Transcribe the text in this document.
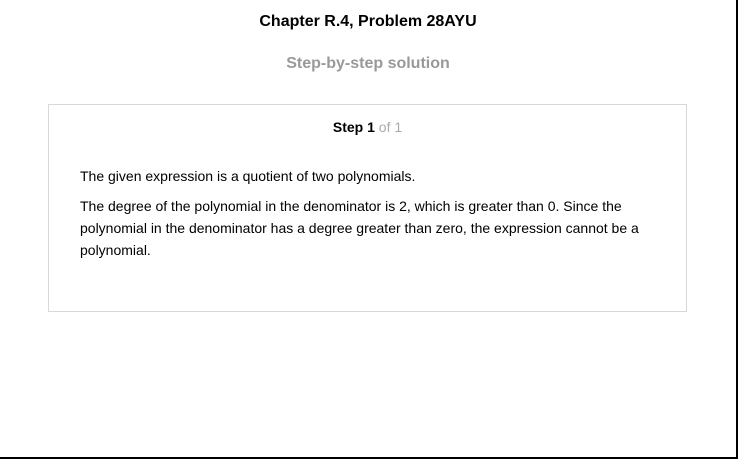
Chapter R.4, Problem 28AYU
Step-by-step solution
Step 1 of 1

The given expression is a quotient of two polynomials.

The degree of the polynomial in the denominator is 2, which is greater than 0. Since the polynomial in the denominator has a degree greater than zero, the expression cannot be a polynomial.
